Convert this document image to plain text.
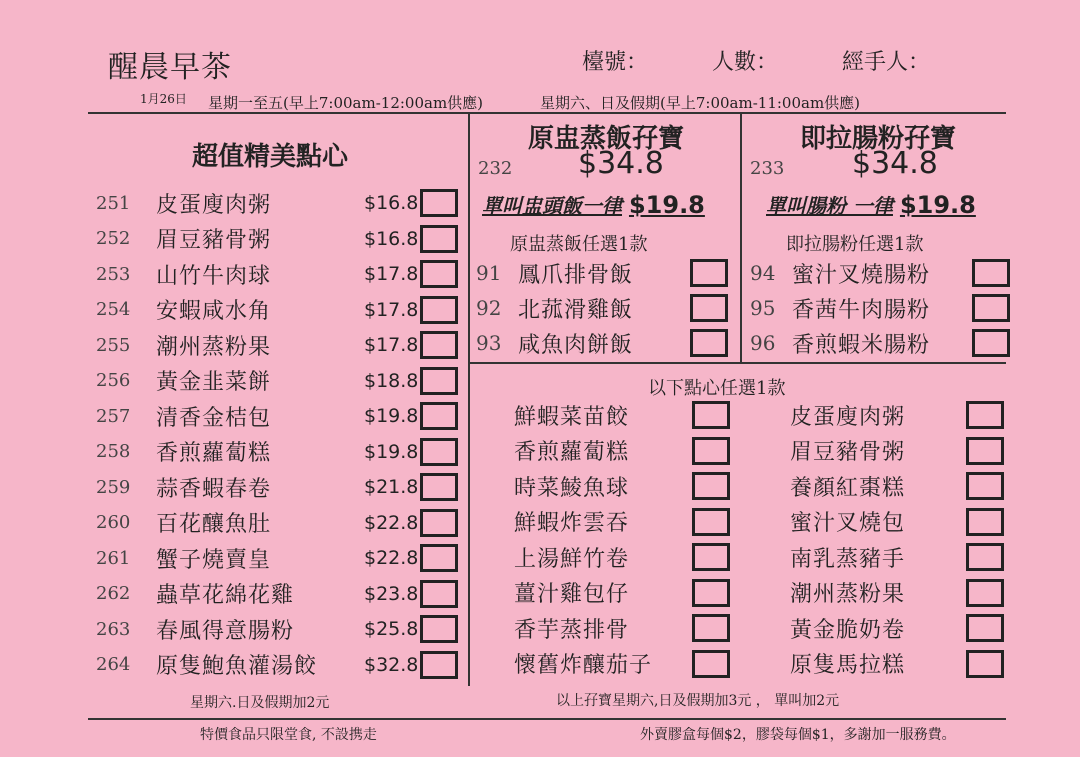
醒晨早茶	檯號：	人數：	經手人：
1月26日 星期一至五(早上7:00am-12:00am供應)	星期六、日及假期(早上7:00am-11:00am供應)
超值精美點心
251 皮蛋廋肉粥	$16.8
252 眉豆豬骨粥	$16.8
253 山竹牛肉球	$17.8
254 安蝦咸水角	$17.8
255 潮州蒸粉果	$17.8
256 黃金韭菜餅	$18.8
257 清香金桔包	$19.8
258 香煎蘿蔔糕	$19.8
259 蒜香蝦春卷	$21.8
260 百花釀魚肚	$22.8
261 蟹子燒賣皇	$22.8
262 蟲草花綿花雞	$23.8
263 春風得意腸粉	$25.8
264 原隻鮑魚灌湯餃 $32.8
星期六.日及假期加2元
原盅蒸飯孖寶
232 $34.8
單叫盅頭飯一律 $19.8
原盅蒸飯任選1款
91 鳳爪排骨飯
92 北菰滑雞飯
93 咸魚肉餅飯
即拉腸粉孖寶
233 $34.8
單叫腸粉 一律 $19.8
即拉腸粉任選1款
94 蜜汁叉燒腸粉
95 香茜牛肉腸粉
96 香煎蝦米腸粉
以下點心任選1款
鮮蝦菜苗餃	皮蛋廋肉粥
香煎蘿蔔糕	眉豆豬骨粥
時菜鯪魚球	養顏紅棗糕
鮮蝦炸雲吞	蜜汁叉燒包
上湯鮮竹卷	南乳蒸豬手
薑汁雞包仔	潮州蒸粉果
香芋蒸排骨	黃金脆奶卷
懷舊炸釀茄子	原隻馬拉糕
以上孖寶星期六,日及假期加3元 ， 單叫加2元
特價食品只限堂食, 不設携走	外賣膠盒每個$2，膠袋每個$1，多謝加一服務費。
